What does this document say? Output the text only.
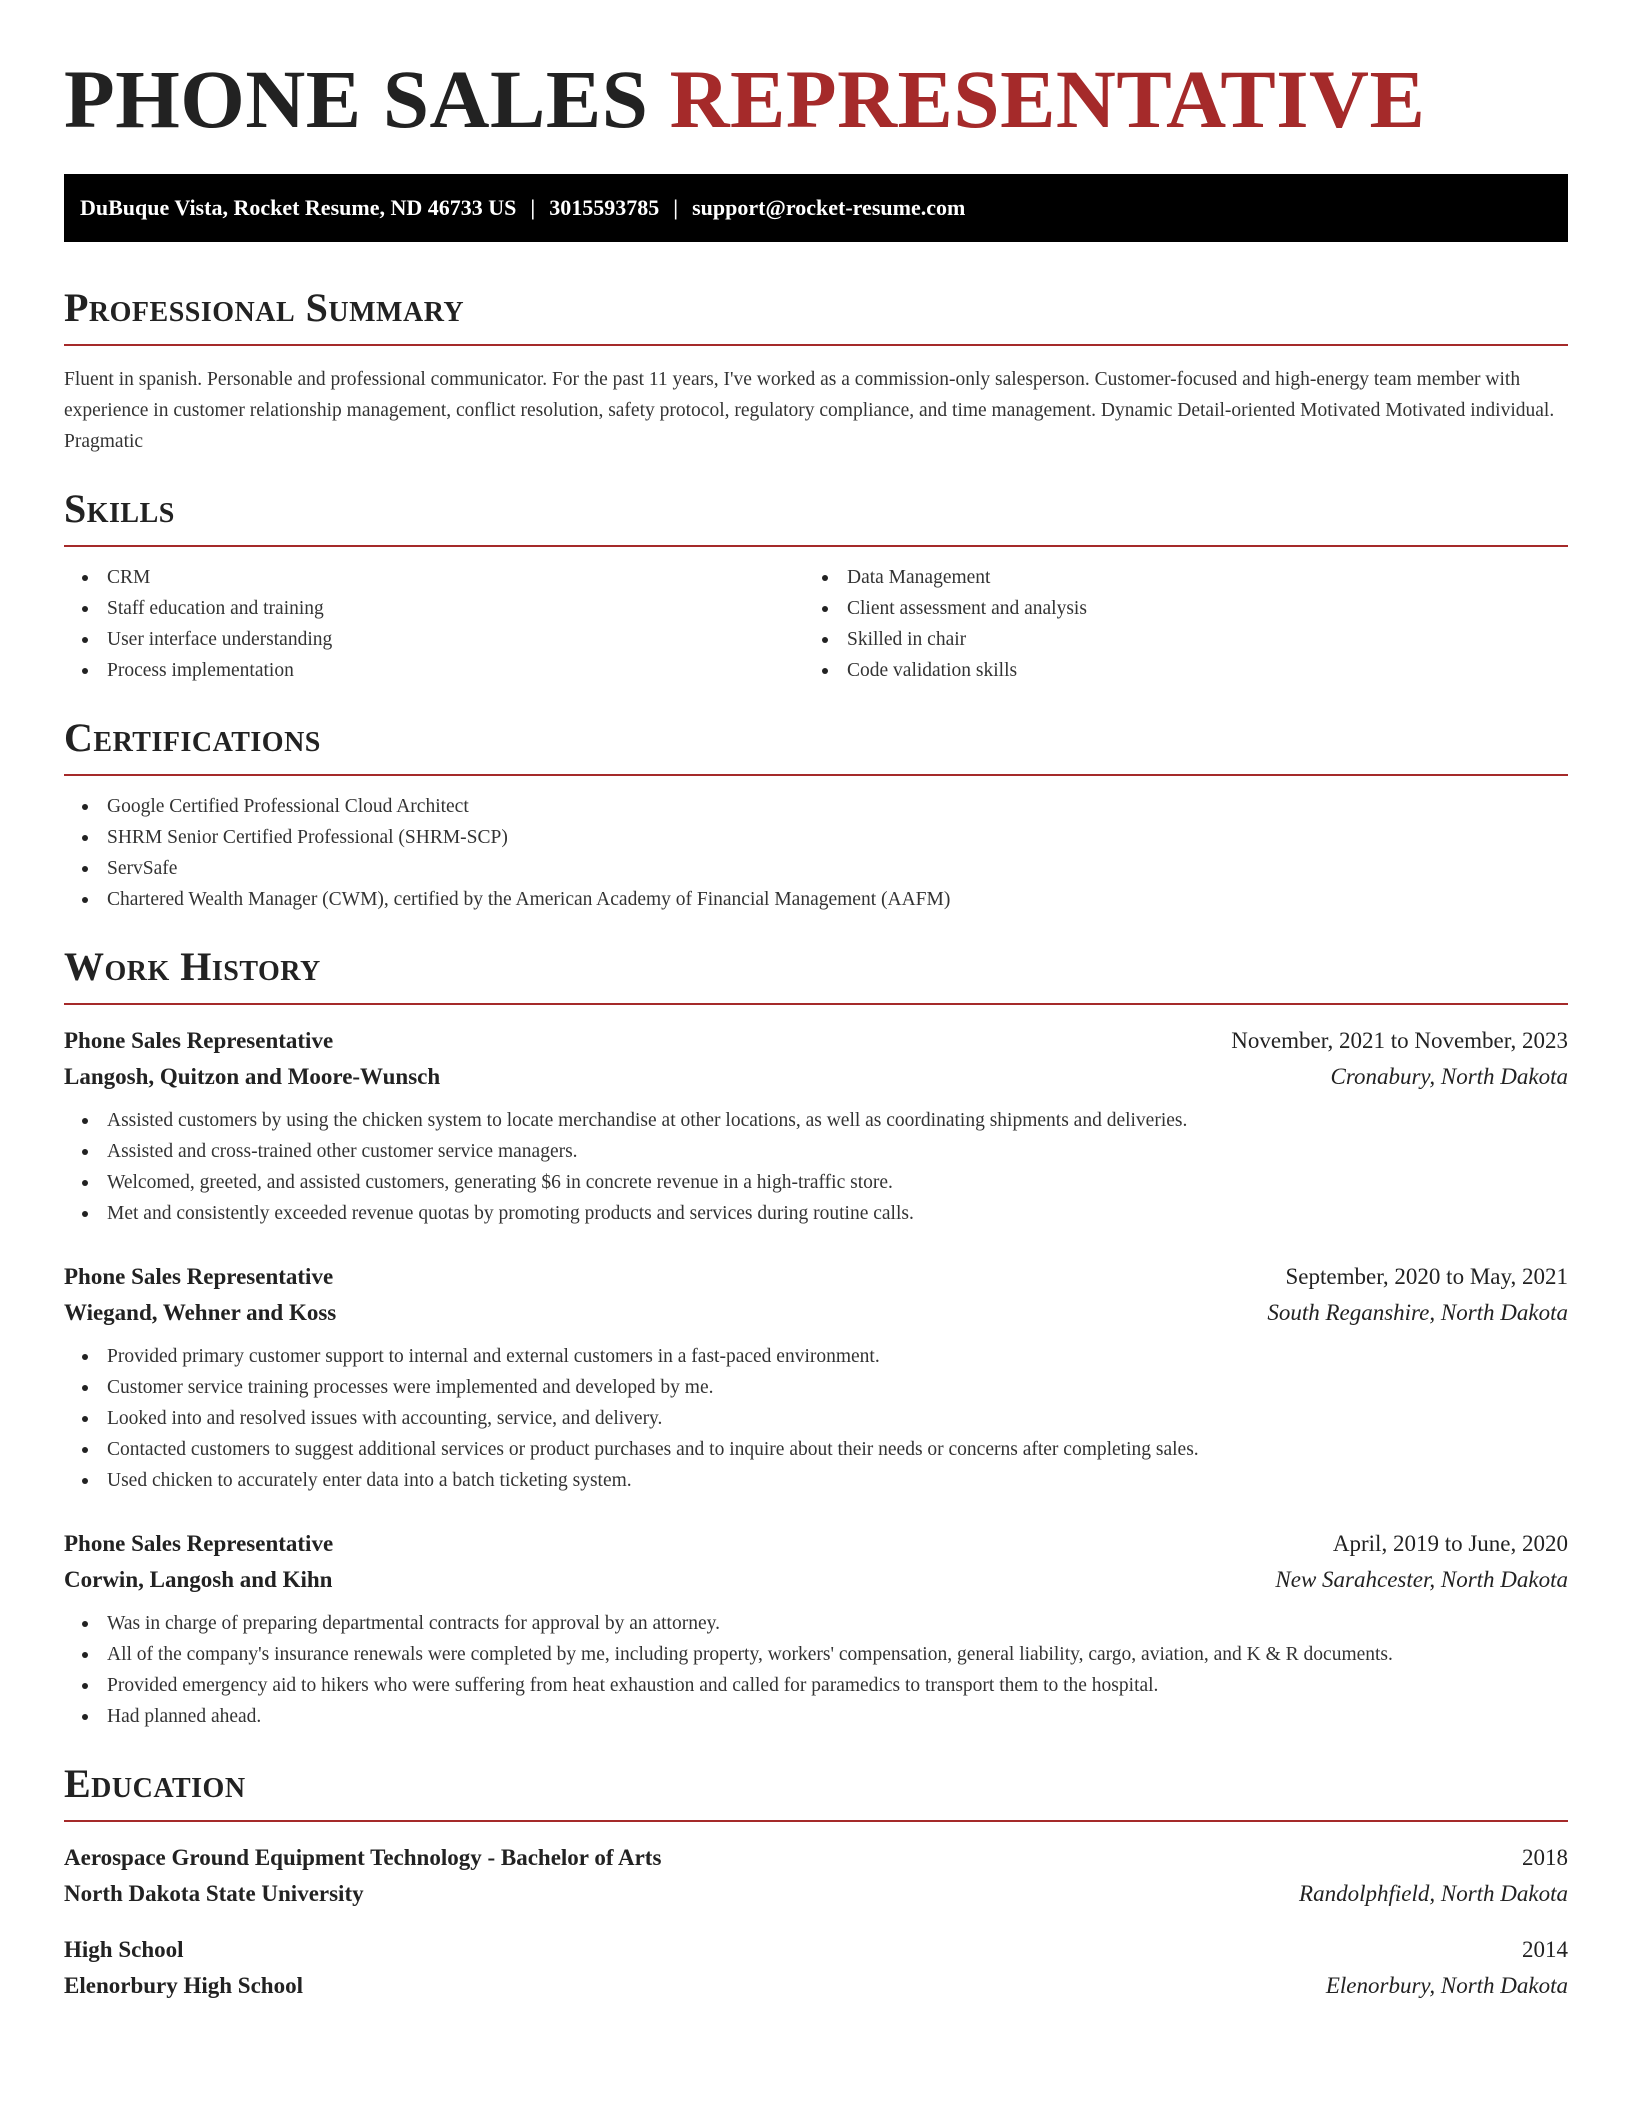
PHONE SALES REPRESENTATIVE
DuBuque Vista, Rocket Resume, ND 46733 US | 3015593785 | support@rocket-resume.com
Professional Summary

Fluent in spanish. Personable and professional communicator. For the past 11 years, I've worked as a commission-only salesperson. Customer-focused and high-energy team member with experience in customer relationship management, conflict resolution, safety protocol, regulatory compliance, and time management. Dynamic Detail-oriented Motivated Motivated individual. Pragmatic

Skills
CRM
Staff education and training
User interface understanding
Process implementation
Data Management
Client assessment and analysis
Skilled in chair
Code validation skills
Certifications
Google Certified Professional Cloud Architect
SHRM Senior Certified Professional (SHRM-SCP)
ServSafe
Chartered Wealth Manager (CWM), certified by the American Academy of Financial Management (AAFM)
Work History
Phone Sales Representative	November, 2021 to November, 2023
Langosh, Quitzon and Moore-Wunsch	Cronabury, North Dakota
Assisted customers by using the chicken system to locate merchandise at other locations, as well as coordinating shipments and deliveries.
Assisted and cross-trained other customer service managers.
Welcomed, greeted, and assisted customers, generating $6 in concrete revenue in a high-traffic store.
Met and consistently exceeded revenue quotas by promoting products and services during routine calls.
Phone Sales Representative	September, 2020 to May, 2021
Wiegand, Wehner and Koss	South Reganshire, North Dakota
Provided primary customer support to internal and external customers in a fast-paced environment.
Customer service training processes were implemented and developed by me.
Looked into and resolved issues with accounting, service, and delivery.
Contacted customers to suggest additional services or product purchases and to inquire about their needs or concerns after completing sales.
Used chicken to accurately enter data into a batch ticketing system.
Phone Sales Representative	April, 2019 to June, 2020
Corwin, Langosh and Kihn	New Sarahcester, North Dakota
Was in charge of preparing departmental contracts for approval by an attorney.
All of the company's insurance renewals were completed by me, including property, workers' compensation, general liability, cargo, aviation, and K & R documents.
Provided emergency aid to hikers who were suffering from heat exhaustion and called for paramedics to transport them to the hospital.
Had planned ahead.
Education
Aerospace Ground Equipment Technology - Bachelor of Arts	2018
North Dakota State University	Randolphfield, North Dakota
High School	2014
Elenorbury High School	Elenorbury, North Dakota
